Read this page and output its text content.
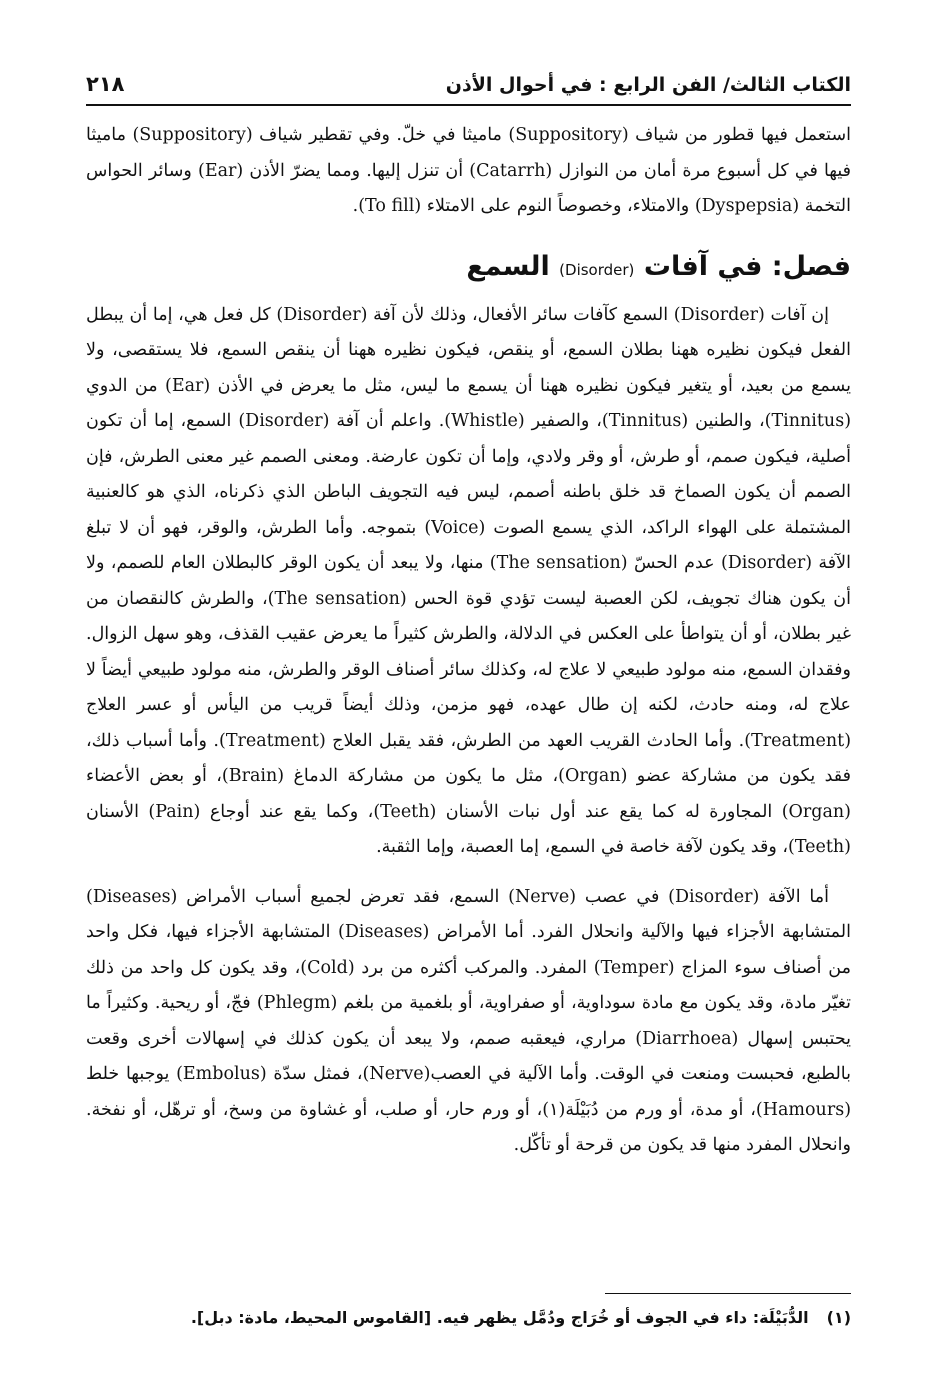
٢١٨	الكتاب الثالث/ الفن الرابع : في أحوال الأذن

استعمل فيها قطور من شياف (Suppository) ماميثا في خلّ. وفي تقطير شياف (Suppository) ماميثا فيها في كل أسبوع مرة أمان من النوازل (Catarrh) أن تنزل إليها. ومما يضرّ الأذن (Ear) وسائر الحواس التخمة (Dyspepsia) والامتلاء، وخصوصاً النوم على الامتلاء (To fill).

فصل: في آفات (Disorder) السمع

إن آفات (Disorder) السمع كآفات سائر الأفعال، وذلك لأن آفة (Disorder) كل فعل هي، إما أن يبطل الفعل فيكون نظيره ههنا بطلان السمع، أو ينقص، فيكون نظيره ههنا أن ينقص السمع، فلا يستقصى، ولا يسمع من بعيد، أو يتغير فيكون نظيره ههنا أن يسمع ما ليس، مثل ما يعرض في الأذن (Ear) من الدوي (Tinnitus)، والطنين (Tinnitus)، والصفير (Whistle). واعلم أن آفة (Disorder) السمع، إما أن تكون أصلية، فيكون صمم، أو طرش، أو وقر ولادي، وإما أن تكون عارضة. ومعنى الصمم غير معنى الطرش، فإن الصمم أن يكون الصماخ قد خلق باطنه أصمم، ليس فيه التجويف الباطن الذي ذكرناه، الذي هو كالعنبية المشتملة على الهواء الراكد، الذي يسمع الصوت (Voice) بتموجه. وأما الطرش، والوقر، فهو أن لا تبلغ الآفة (Disorder) عدم الحسّ (The sensation) منها، ولا يبعد أن يكون الوقر كالبطلان العام للصمم، ولا أن يكون هناك تجويف، لكن العصبة ليست تؤدي قوة الحس (The sensation)، والطرش كالنقصان من غير بطلان، أو أن يتواطأ على العكس في الدلالة، والطرش كثيراً ما يعرض عقيب القذف، وهو سهل الزوال. وفقدان السمع، منه مولود طبيعي لا علاج له، وكذلك سائر أصناف الوقر والطرش، منه مولود طبيعي أيضاً لا علاج له، ومنه حادث، لكنه إن طال عهده، فهو مزمن، وذلك أيضاً قريب من اليأس أو عسر العلاج (Treatment). وأما الحادث القريب العهد من الطرش، فقد يقبل العلاج (Treatment). وأما أسباب ذلك، فقد يكون من مشاركة عضو (Organ)، مثل ما يكون من مشاركة الدماغ (Brain)، أو بعض الأعضاء (Organ) المجاورة له كما يقع عند أول نبات الأسنان (Teeth)، وكما يقع عند أوجاع (Pain) الأسنان (Teeth)، وقد يكون لآفة خاصة في السمع، إما العصبة، وإما الثقبة.

أما الآفة (Disorder) في عصب (Nerve) السمع، فقد تعرض لجميع أسباب الأمراض (Diseases) المتشابهة الأجزاء فيها والآلية وانحلال الفرد. أما الأمراض (Diseases) المتشابهة الأجزاء فيها، فكل واحد من أصناف سوء المزاج (Temper) المفرد. والمركب أكثره من برد (Cold)، وقد يكون كل واحد من ذلك تغيّر مادة، وقد يكون مع مادة سوداوية، أو صفراوية، أو بلغمية من بلغم (Phlegm) فجّ، أو ريحية. وكثيراً ما يحتبس إسهال (Diarrhoea) مراري، فيعقبه صمم، ولا يبعد أن يكون كذلك في إسهالات أخرى وقعت بالطبع، فحبست ومنعت في الوقت. وأما الآلية في العصب(Nerve)، فمثل سدّة (Embolus) يوجبها خلط (Hamours)، أو مدة، أو ورم من دُبَيْلَة(١)، أو ورم حار، أو صلب، أو غشاوة من وسخ، أو ترهّل، أو نفخة. وانحلال المفرد منها قد يكون من قرحة أو تأكّل.

(١)الدُّبَيْلَة: داء في الجوف أو خُرَاج ودُمَّل يظهر فيه. [القاموس المحيط، مادة: دبل].
